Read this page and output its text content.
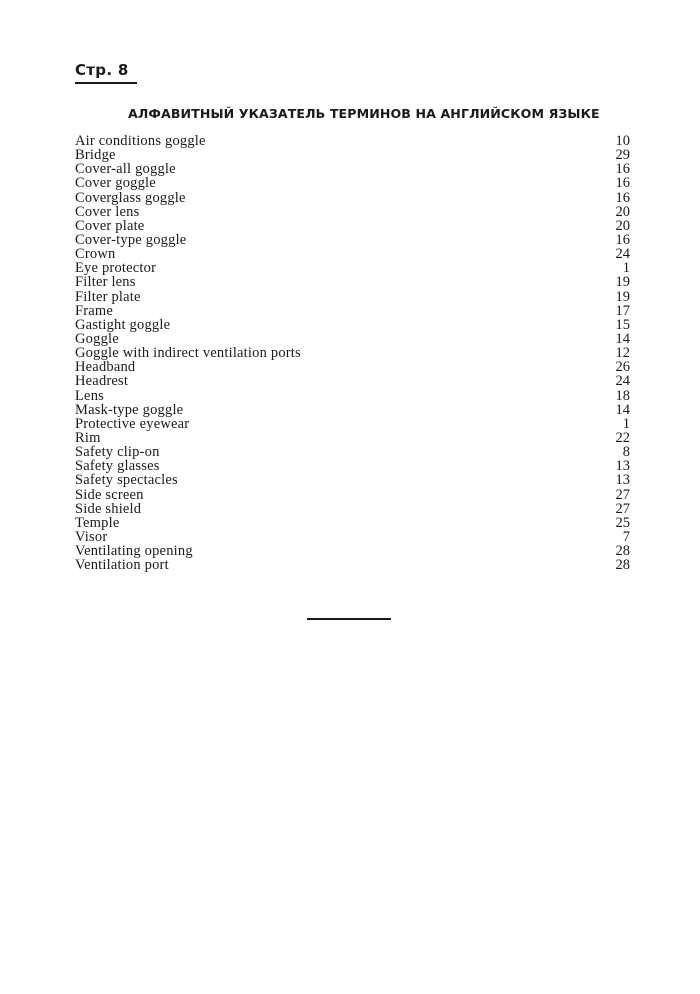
Стр. 8
АЛФАВИТНЫЙ УКАЗАТЕЛЬ ТЕРМИНОВ НА АНГЛИЙСКОМ ЯЗЫКЕ
Air conditions goggle	10
Bridge	29
Cover-all goggle	16
Cover goggle	16
Coverglass goggle	16
Cover lens	20
Cover plate	20
Cover-type goggle	16
Crown	24
Eye protector	1
Filter lens	19
Filter plate	19
Frame	17
Gastight goggle	15
Goggle	14
Goggle with indirect ventilation ports	12
Headband	26
Headrest	24
Lens	18
Mask-type goggle	14
Protective eyewear	1
Rim	22
Safety clip-on	8
Safety glasses	13
Safety spectacles	13
Side screen	27
Side shield	27
Temple	25
Visor	7
Ventilating opening	28
Ventilation port	28
